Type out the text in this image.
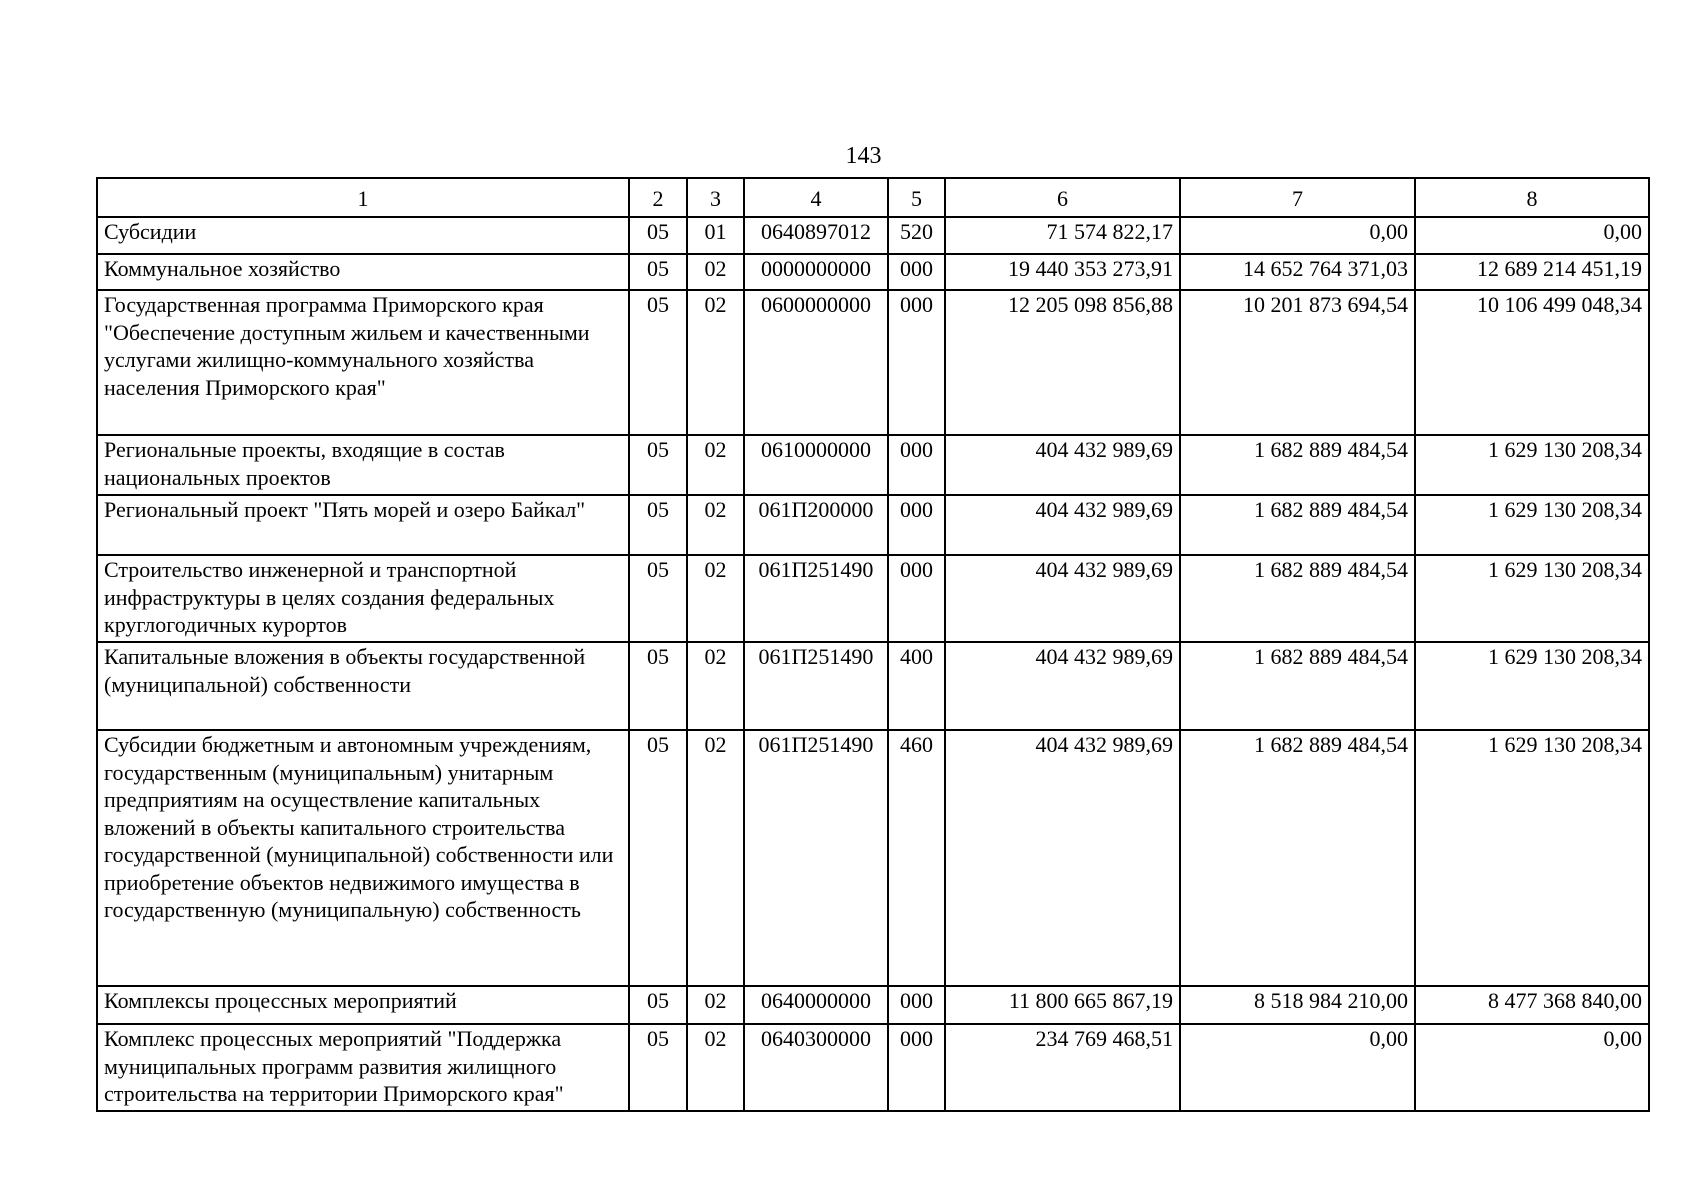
143
1	2	3	4	5	6	7	8
Субсидии	05	01	0640897012	520	71 574 822,17	0,00	0,00
Коммунальное хозяйство	05	02	0000000000	000	19 440 353 273,91	14 652 764 371,03	12 689 214 451,19
Государственная программа Приморского края "Обеспечение доступным жильем и качественными услугами жилищно-коммунального хозяйства населения Приморского края"	05	02	0600000000	000	12 205 098 856,88	10 201 873 694,54	10 106 499 048,34
Региональные проекты, входящие в состав национальных проектов	05	02	0610000000	000	404 432 989,69	1 682 889 484,54	1 629 130 208,34
Региональный проект "Пять морей и озеро Байкал"	05	02	061П200000	000	404 432 989,69	1 682 889 484,54	1 629 130 208,34
Строительство инженерной и транспортной инфраструктуры в целях создания федеральных круглогодичных курортов	05	02	061П251490	000	404 432 989,69	1 682 889 484,54	1 629 130 208,34
Капитальные вложения в объекты государственной (муниципальной) собственности	05	02	061П251490	400	404 432 989,69	1 682 889 484,54	1 629 130 208,34
Субсидии бюджетным и автономным учреждениям, государственным (муниципальным) унитарным предприятиям на осуществление капитальных вложений в объекты капитального строительства государственной (муниципальной) собственности или приобретение объектов недвижимого имущества в государственную (муниципальную) собственность	05	02	061П251490	460	404 432 989,69	1 682 889 484,54	1 629 130 208,34
Комплексы процессных мероприятий	05	02	0640000000	000	11 800 665 867,19	8 518 984 210,00	8 477 368 840,00
Комплекс процессных мероприятий "Поддержка муниципальных программ развития жилищного строительства на территории Приморского края"	05	02	0640300000	000	234 769 468,51	0,00	0,00
